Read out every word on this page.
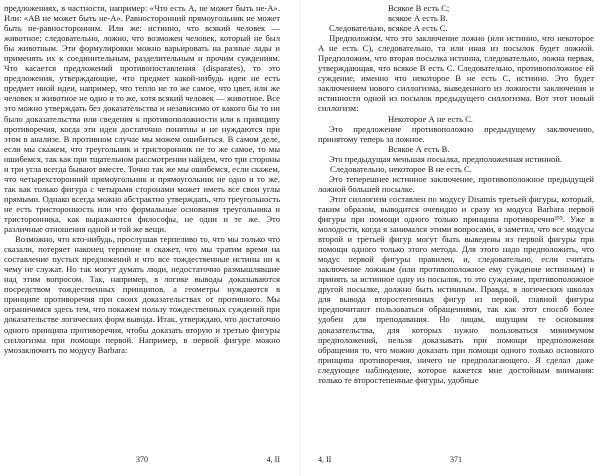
предложениях, в частности, например: «Что есть А, не может быть не-А». Или: «АВ не может быть не-А». Равносторонний прямоугольник не может быть не-равносторонним. Или же: истинно, что всякий человек — животное; следовательно, ложно, что возможен человек, который не был бы животным. Эти формулировки можно варьировать на разные лады и применять их к соединительным, разделительным и прочим суждениям. Что касается предложений противопоставления (disparates), то это предложения, утверждающие, что предмет какой-нибудь идеи не есть предмет иной идеи, например, что тепло не то же самое, что цвет, или же человек и животное не одно и то же, хотя всякий человек — животное. Все это можно утверждать без доказательства и независимо от какого бы то ни было доказательства или сведения к противоположности или к принципу противоречия, когда эти идеи достаточно понятны и не нуждаются при этом в анализе. В противном случае мы можем ошибиться. В самом деле, если мы скажем, что треугольник и тристоронник не то же самое, то мы ошибемся, так как при тщательном рассмотрении найдем, что три стороны и три угла всегда бывают вместе. Точно так же мы ошибемся, если скажем, что четырехсторонний прямоугольник и прямоугольник не одно и то же, так как только фигура с четырьмя сторонами может иметь все свои углы прямыми. Однако всегда можно абстрактно утверждать, что треугольность не есть тристоронность или что формальные основания треугольника и тристоронника, как выражаются философы, не одни и те же. Это различные отношения одной и той же вещи.

Возможно, что кто-нибудь, прослушав терпеливо то, что мы только что сказали, потеряет наконец терпение и скажет, что мы тратим время на составление пустых предложений и что все тождественные истины ни к чему не служат. Но так могут думать люди, недостаточно размышлявшие над этим вопросом. Так, например, в логике выводы доказываются посредством тождественных принципов, а геометры нуждаются в принципе противоречия при своих доказательствах от противного. Мы ограничимся здесь тем, что покажем пользу тождественных суждений при доказательстве логических форм вывода. Итак, утверждаю, что достаточно одного принципа противоречия, чтобы доказать вторую и третью фигуры силлогизма при помощи первой. Например, в первой фигуре можно умозаключить по модусу Barbara:

370	4, II

Всякое В есть С;

всякое А есть В.

Следовательно, всякое А есть С.

Предположим, что это заключение ложно (или истинно, что некоторое А не есть С), следовательно, та или иная из посылок будет ложной. Предположим, что вторая посылка истинна, следовательно, ложна первая, утверждающая, что всякое В есть С. Следовательно, противоположное ей суждение, именно что некоторое В не есть С, истинно. Это будет заключением нового силлогизма, выведенного из ложности заключения и истинности одной из посылок предыдущего силлогизма. Вот этот новый силлогизм:

Некоторое А не есть С.

Это предложение противоположно предыдущему заключению, принятому теперь за ложное.

Всякое А есть В.

Это предыдущая меньшая посылка, предположенная истинной.

Следовательно, некоторое В не есть С.

Это теперешнее истинное заключение, противоположное предыдущей ложной большей посылке.

Этот силлогизм составлен по модусу Disamis третьей фигуры, который, таким образом, выводится очевидно и сразу из модуса Barbara первой фигуры при помощи одного только принципа противоречия³⁵⁵. Уже в молодости, когда я занимался этими вопросами, я заметил, что все модусы второй и третьей фигур могут быть выведены из первой фигуры при помощи одного только этого метода. Для этого надо предположить, что модус первой фигуры правилен, и, следовательно, если считать заключение ложным (или противоположное ему суждение истинным) и принять за истинное одну из посылок, то это суждение, противоположное другой посылке, должно быть истинным. Правда, в логических школах для вывода второстепенных фигур из первой, главной фигуры предпочитают пользоваться обращениями, так как этот способ более удобен для преподавания. Но лицам, ищущим те основания доказательства, для которых нужно пользоваться минимумом предположений, нельзя доказывать при помощи предположения обращения то, что можно доказать при помощи одного только основного принципа противоречия, ничего не предполагающего. Я сделал даже следующее наблюдение, которое кажется мне достойным внимания: только те второстепенные фигуры, удобные

4, II	371
